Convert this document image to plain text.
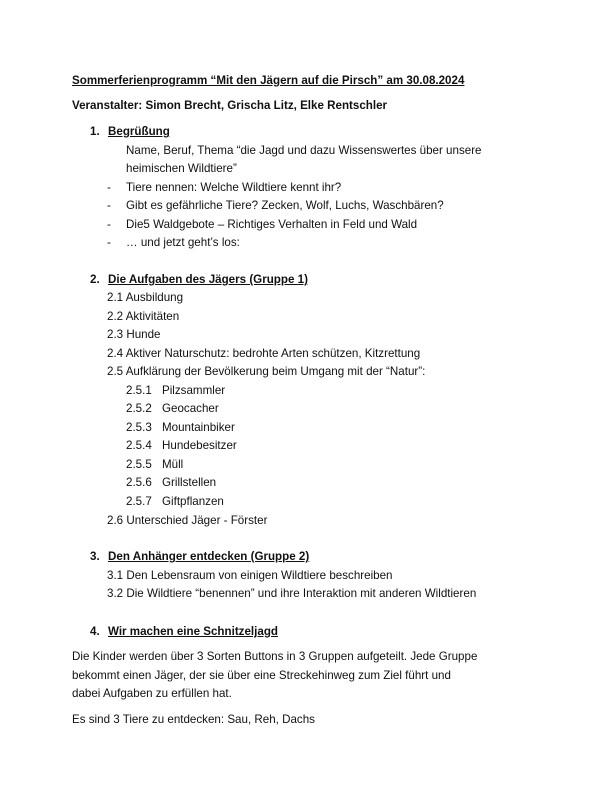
Sommerferienprogramm “Mit den Jägern auf die Pirsch” am 30.08.2024
Veranstalter: Simon Brecht, Grischa Litz, Elke Rentschler
1. Begrüßung
Name, Beruf, Thema “die Jagd und dazu Wissenswertes über unsere
heimischen Wildtiere”
- Tiere nennen: Welche Wildtiere kennt ihr?
- Gibt es gefährliche Tiere? Zecken, Wolf, Luchs, Waschbären?
- Die5 Waldgebote – Richtiges Verhalten in Feld und Wald
- … und jetzt geht’s los:
2. Die Aufgaben des Jägers (Gruppe 1)
2.1 Ausbildung
2.2 Aktivitäten
2.3 Hunde
2.4 Aktiver Naturschutz: bedrohte Arten schützen, Kitzrettung
2.5 Aufklärung der Bevölkerung beim Umgang mit der “Natur”:
2.5.1 Pilzsammler
2.5.2 Geocacher
2.5.3 Mountainbiker
2.5.4 Hundebesitzer
2.5.5 Müll
2.5.6 Grillstellen
2.5.7 Giftpflanzen
2.6 Unterschied Jäger - Förster
3. Den Anhänger entdecken (Gruppe 2)
3.1 Den Lebensraum von einigen Wildtiere beschreiben
3.2 Die Wildtiere “benennen” und ihre Interaktion mit anderen Wildtieren
4. Wir machen eine Schnitzeljagd
Die Kinder werden über 3 Sorten Buttons in 3 Gruppen aufgeteilt. Jede Gruppe
bekommt einen Jäger, der sie über eine Streckehinweg zum Ziel führt und
dabei Aufgaben zu erfüllen hat.
Es sind 3 Tiere zu entdecken: Sau, Reh, Dachs
